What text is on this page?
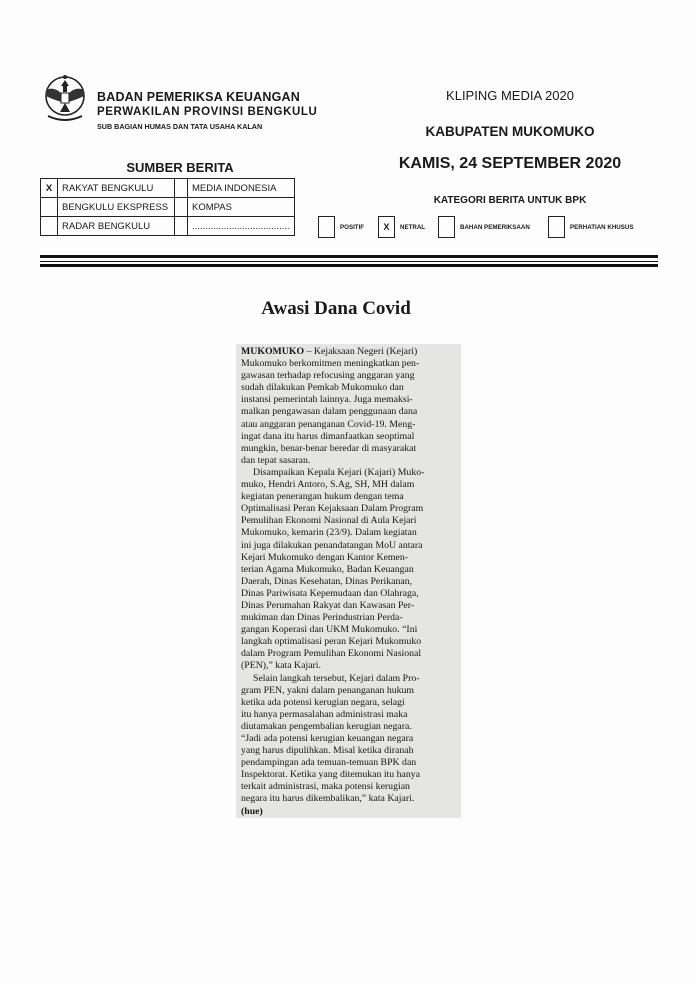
BADAN PEMERIKSA KEUANGAN
PERWAKILAN PROVINSI BENGKULU
SUB BAGIAN HUMAS DAN TATA USAHA KALAN
KLIPING MEDIA 2020
KABUPATEN MUKOMUKO
KAMIS, 24 SEPTEMBER 2020
SUMBER BERITA
X	RAKYAT BENGKULU		MEDIA INDONESIA
	BENGKULU EKSPRESS		KOMPAS
	RADAR BENGKULU		.....................................
KATEGORI BERITA UNTUK BPK
POSITIF	X	NETRAL	BAHAN PEMERIKSAAN	PERHATIAN KHUSUS
Awasi Dana Covid
MUKOMUKO – Kejaksaan Negeri (Kejari)
Mukomuko berkomitmen meningkatkan pen-
gawasan terhadap refocusing anggaran yang
sudah dilakukan Pemkab Mukomuko dan
instansi pemerintah lainnya. Juga memaksi-
malkan pengawasan dalam penggunaan dana
atau anggaran penanganan Covid-19. Meng-
ingat dana itu harus dimanfaatkan seoptimal
mungkin, benar-benar beredar di masyarakat
dan tepat sasaran.
Disampaikan Kepala Kejari (Kajari) Muko-
muko, Hendri Antoro, S.Ag, SH, MH dalam
kegiatan penerangan hukum dengan tema
Optimalisasi Peran Kejaksaan Dalam Program
Pemulihan Ekonomi Nasional di Aula Kejari
Mukomuko, kemarin (23/9). Dalam kegiatan
ini juga dilakukan penandatangan MoU antara
Kejari Mukomuko dengan Kantor Kemen-
terian Agama Mukomuko, Badan Keuangan
Daerah, Dinas Kesehatan, Dinas Perikanan,
Dinas Pariwisata Kepemudaan dan Olahraga,
Dinas Perumahan Rakyat dan Kawasan Per-
mukiman dan Dinas Perindustrian Perda-
gangan Koperasi dan UKM Mukomuko. “Ini
langkah optimalisasi peran Kejari Mukomuko
dalam Program Pemulihan Ekonomi Nasional
(PEN),” kata Kajari.
Selain langkah tersebut, Kejari dalam Pro-
gram PEN, yakni dalam penanganan hukum
ketika ada potensi kerugian negara, selagi
itu hanya permasalahan administrasi maka
diutamakan pengembalian kerugian negara.
“Jadi ada potensi kerugian keuangan negara
yang harus dipulihkan. Misal ketika diranah
pendampingan ada temuan-temuan BPK dan
Inspektorat. Ketika yang ditemukan itu hanya
terkait administrasi, maka potensi kerugian
negara itu harus dikembalikan,” kata Kajari.
(hue)
